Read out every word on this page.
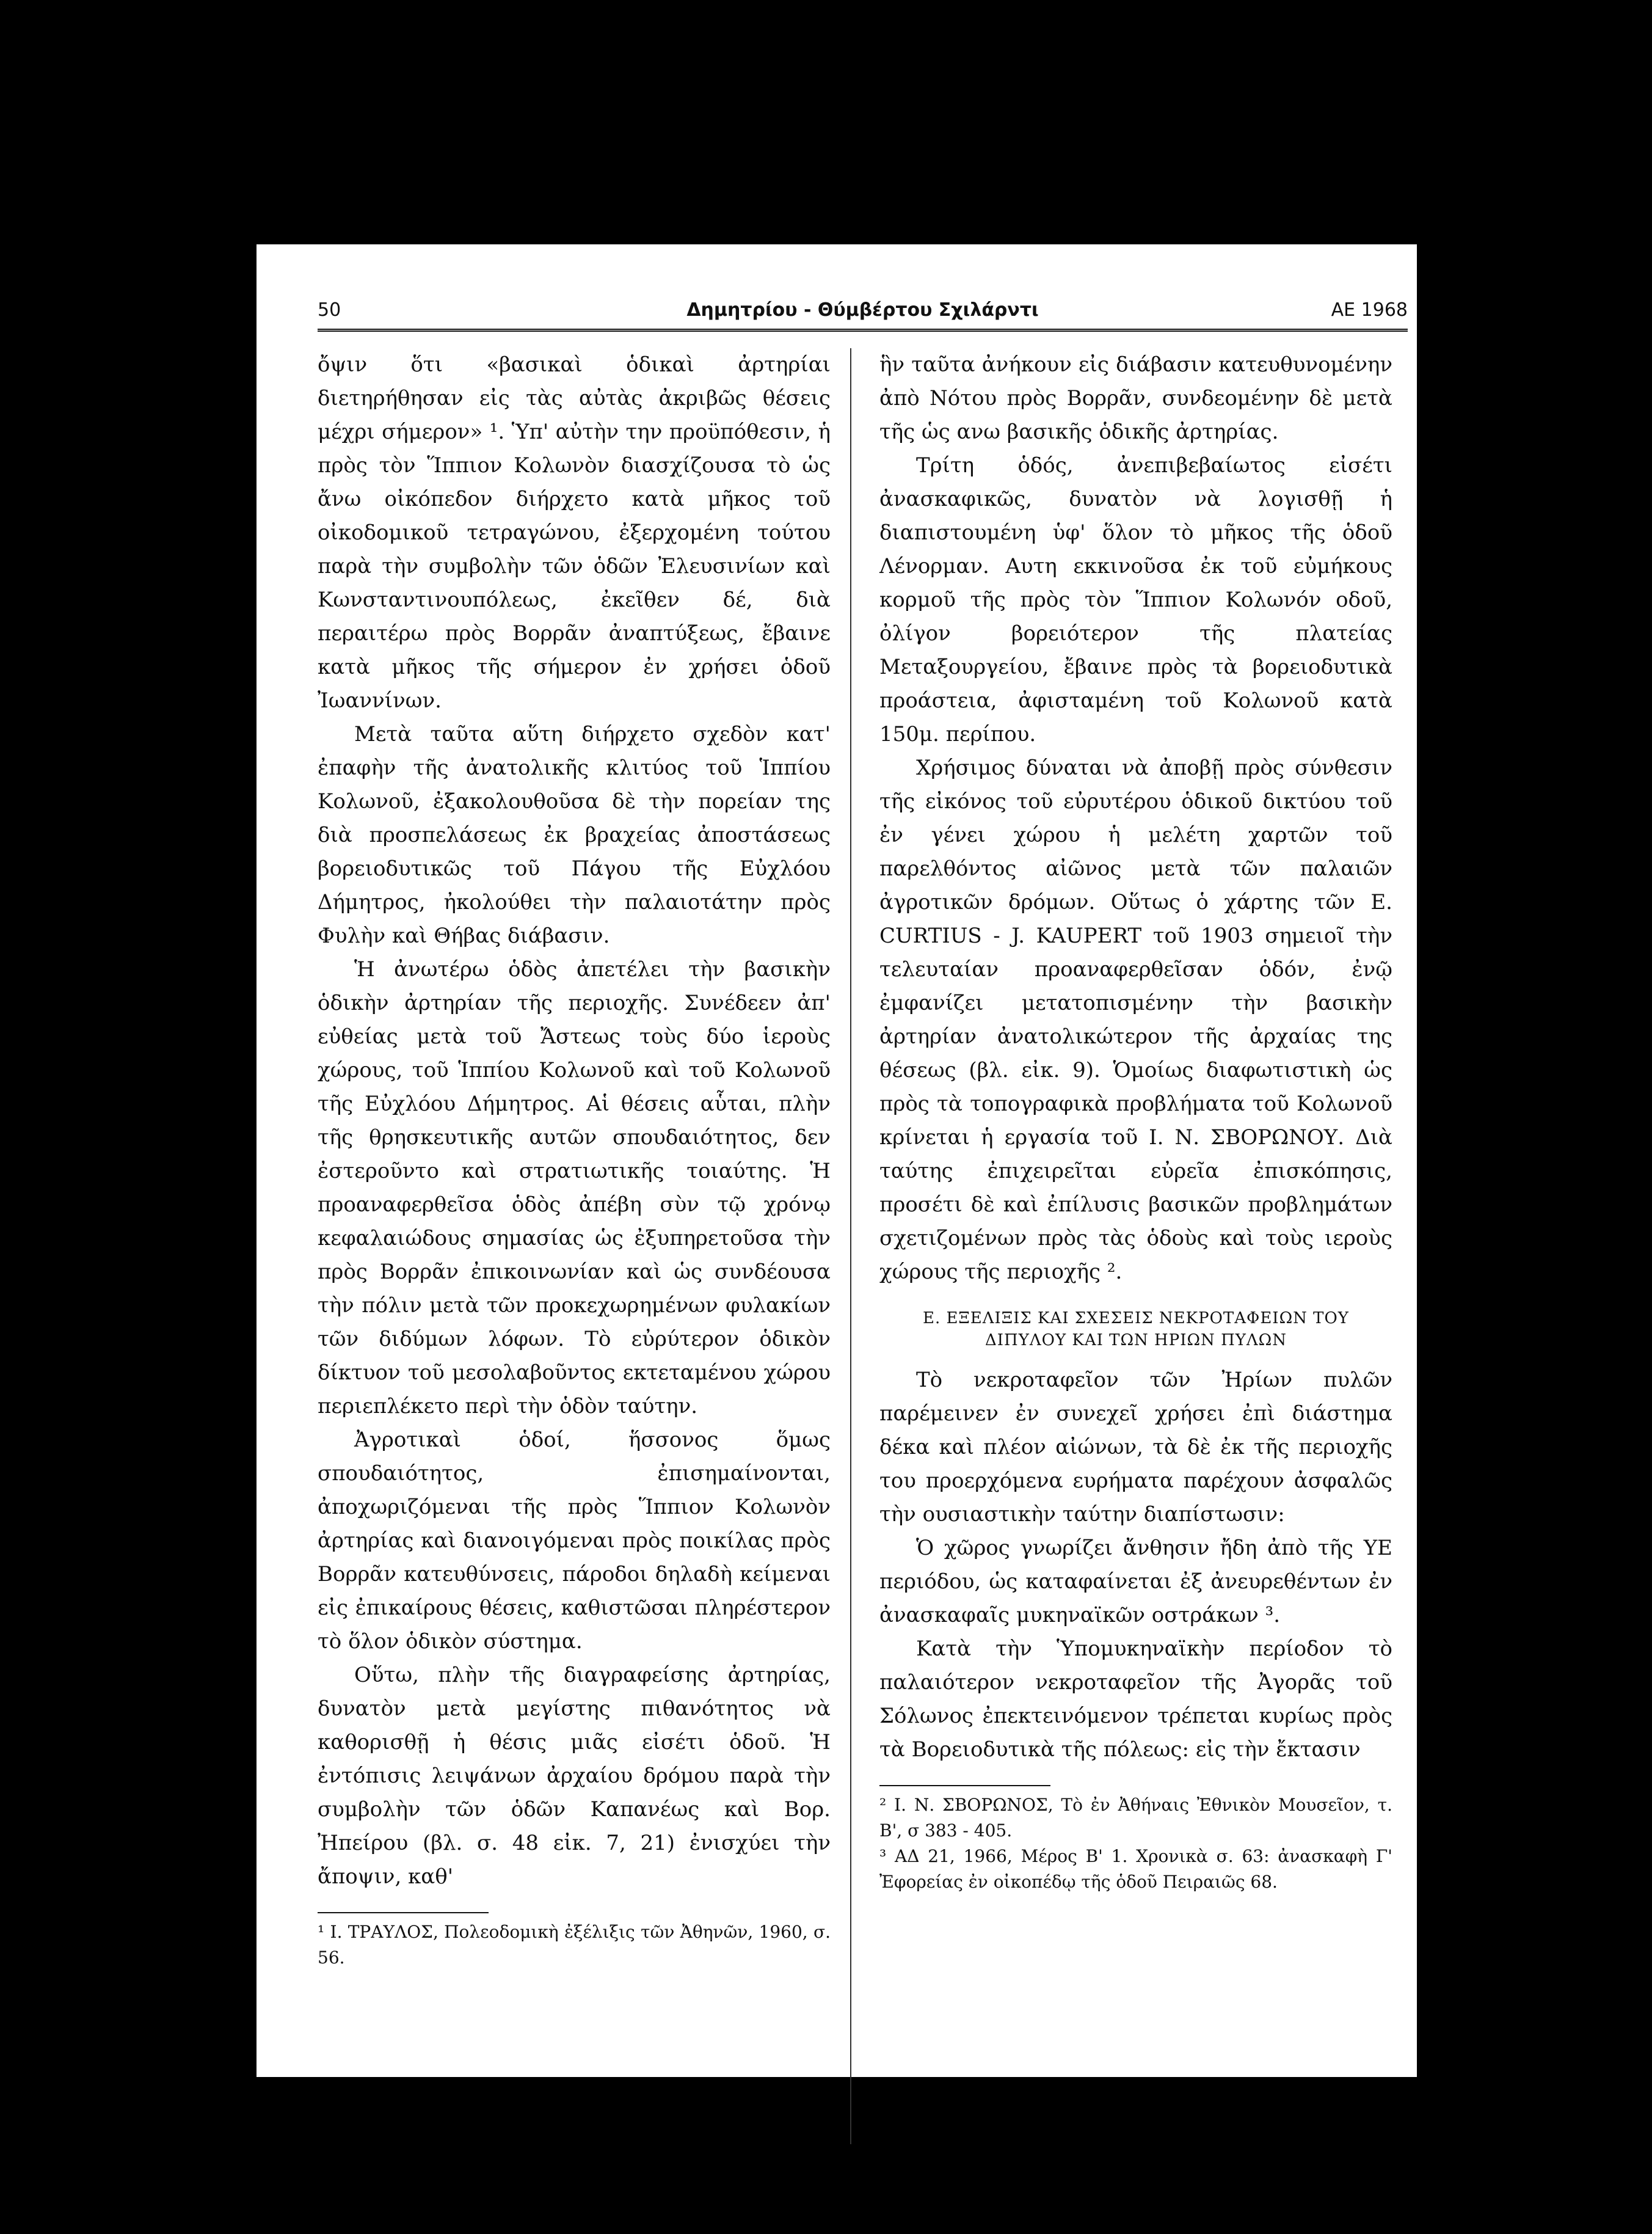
50	Δημητρίου - Θύμβέρτου Σχιλάρντι	ΑΕ 1968

ὄψιν ὅτι «βασικαὶ ὁδικαὶ ἀρτηρίαι διετηρήθησαν εἰς τὰς αὐτὰς ἀκριβῶς θέσεις μέχρι σήμερον» ¹. Ὑπ' αὐτὴν την προϋπόθεσιν, ἡ πρὸς τὸν Ἵππιον Κολωνὸν διασχίζουσα τὸ ὡς ἄνω οἰκόπεδον διήρχετο κατὰ μῆκος τοῦ οἰκοδομικοῦ τετραγώνου, ἐξερχομένη τούτου παρὰ τὴν συμβολὴν τῶν ὁδῶν Ἐλευσινίων καὶ Κωνσταντινουπόλεως, ἐκεῖθεν δέ, διὰ περαιτέρω πρὸς Βορρᾶν ἀναπτύξεως, ἔβαινε κατὰ μῆκος τῆς σήμερον ἐν χρήσει ὁδοῦ Ἰωαννίνων.

Μετὰ ταῦτα αὕτη διήρχετο σχεδὸν κατ' ἐπαφὴν τῆς ἀνατολικῆς κλιτύος τοῦ Ἱππίου Κολωνοῦ, ἐξακολουθοῦσα δὲ τὴν πορείαν της διὰ προσπελάσεως ἐκ βραχείας ἀποστάσεως βορειοδυτικῶς τοῦ Πάγου τῆς Εὐχλόου Δήμητρος, ἠκολούθει τὴν παλαιοτάτην πρὸς Φυλὴν καὶ Θήβας διάβασιν.

Ἡ ἀνωτέρω ὁδὸς ἀπετέλει τὴν βασικὴν ὁδικὴν ἀρτηρίαν τῆς περιοχῆς. Συνέδεεν ἀπ' εὐθείας μετὰ τοῦ Ἄστεως τοὺς δύο ἱεροὺς χώρους, τοῦ Ἱππίου Κολωνοῦ καὶ τοῦ Κολωνοῦ τῆς Εὐχλόου Δήμητρος. Αἱ θέσεις αὗται, πλὴν τῆς θρησκευτικῆς αυτῶν σπουδαιότητος, δεν ἐστεροῦντο καὶ στρατιωτικῆς τοιαύτης. Ἡ προαναφερθεῖσα ὁδὸς ἀπέβη σὺν τῷ χρόνῳ κεφαλαιώδους σημασίας ὡς ἐξυπηρετοῦσα τὴν πρὸς Βορρᾶν ἐπικοινωνίαν καὶ ὡς συνδέουσα τὴν πόλιν μετὰ τῶν προκεχωρημένων φυλακίων τῶν διδύμων λόφων. Τὸ εὐρύτερον ὁδικὸν δίκτυον τοῦ μεσολαβοῦντος εκτεταμένου χώρου περιεπλέκετο περὶ τὴν ὁδὸν ταύτην.

Ἀγροτικαὶ ὁδοί, ἥσσονος ὅμως σπουδαιότητος, ἐπισημαίνονται, ἀποχωριζόμεναι τῆς πρὸς Ἵππιον Κολωνὸν ἀρτηρίας καὶ διανοιγόμεναι πρὸς ποικίλας πρὸς Βορρᾶν κατευθύνσεις, πάροδοι δηλαδὴ κείμεναι εἰς ἐπικαίρους θέσεις, καθιστῶσαι πληρέστερον τὸ ὅλον ὁδικὸν σύστημα.

Οὕτω, πλὴν τῆς διαγραφείσης ἀρτηρίας, δυνατὸν μετὰ μεγίστης πιθανότητος νὰ καθορισθῇ ἡ θέσις μιᾶς εἰσέτι ὁδοῦ. Ἡ ἐντόπισις λειψάνων ἀρχαίου δρόμου παρὰ τὴν συμβολὴν τῶν ὁδῶν Καπανέως καὶ Βορ. Ἠπείρου (βλ. σ. 48 εἰκ. 7, 21) ἐνισχύει τὴν ἄποψιν, καθ'

¹ Ι. ΤΡΑΥΛΟΣ, Πολεοδομικὴ ἐξέλιξις τῶν Ἀθηνῶν, 1960, σ. 56.

ἣν ταῦτα ἀνήκουν εἰς διάβασιν κατευθυνομένην ἀπὸ Νότου πρὸς Βορρᾶν, συνδεομένην δὲ μετὰ τῆς ὡς ανω βασικῆς ὁδικῆς ἀρτηρίας.

Τρίτη ὁδός, ἀνεπιβεβαίωτος εἰσέτι ἀνασκαφικῶς, δυνατὸν νὰ λογισθῇ ἡ διαπιστουμένη ὑφ' ὅλον τὸ μῆκος τῆς ὁδοῦ Λένορμαν. Αυτη εκκινοῦσα ἐκ τοῦ εὐμήκους κορμοῦ τῆς πρὸς τὸν Ἵππιον Κολωνόν οδοῦ, ὀλίγον βορειότερον τῆς πλατείας Μεταξουργείου, ἔβαινε πρὸς τὰ βορειοδυτικὰ προάστεια, ἀφισταμένη τοῦ Κολωνοῦ κατὰ 150μ. περίπου.

Χρήσιμος δύναται νὰ ἀποβῇ πρὸς σύνθεσιν τῆς εἰκόνος τοῦ εὐρυτέρου ὁδικοῦ δικτύου τοῦ ἐν γένει χώρου ἡ μελέτη χαρτῶν τοῦ παρελθόντος αἰῶνος μετὰ τῶν παλαιῶν ἀγροτικῶν δρόμων. Οὕτως ὁ χάρτης τῶν E. CURTIUS - J. KAUPERT τοῦ 1903 σημειοῖ τὴν τελευταίαν προαναφερθεῖσαν ὁδόν, ἐνῷ ἐμφανίζει μετατοπισμένην τὴν βασικὴν ἀρτηρίαν ἀνατολικώτερον τῆς ἀρχαίας της θέσεως (βλ. εἰκ. 9). Ὁμοίως διαφωτιστικὴ ὡς πρὸς τὰ τοπογραφικὰ προβλήματα τοῦ Κολωνοῦ κρίνεται ἡ εργασία τοῦ Ι. Ν. ΣΒΟΡΩΝΟΥ. Διὰ ταύτης ἐπιχειρεῖται εὐρεῖα ἐπισκόπησις, προσέτι δὲ καὶ ἐπίλυσις βασικῶν προβλημάτων σχετιζομένων πρὸς τὰς ὁδοὺς καὶ τοὺς ιεροὺς χώρους τῆς περιοχῆς ².

Ε. ΕΞΕΛΙΞΙΣ ΚΑΙ ΣΧΕΣΕΙΣ ΝΕΚΡΟΤΑΦΕΙΩΝ ΤΟΥ ΔΙΠΥΛΟΥ ΚΑΙ ΤΩΝ ΗΡΙΩΝ ΠΥΛΩΝ

Τὸ νεκροταφεῖον τῶν Ἠρίων πυλῶν παρέμεινεν ἐν συνεχεῖ χρήσει ἐπὶ διάστημα δέκα καὶ πλέον αἰώνων, τὰ δὲ ἐκ τῆς περιοχῆς του προερχόμενα ευρήματα παρέχουν ἀσφαλῶς τὴν ουσιαστικὴν ταύτην διαπίστωσιν:

Ὁ χῶρος γνωρίζει ἄνθησιν ἤδη ἀπὸ τῆς ΥΕ περιόδου, ὡς καταφαίνεται ἐξ ἀνευρεθέντων ἐν ἀνασκαφαῖς μυκηναϊκῶν οστράκων ³.

Κατὰ τὴν Ὑπομυκηναϊκὴν περίοδον τὸ παλαιότερον νεκροταφεῖον τῆς Ἀγορᾶς τοῦ Σόλωνος ἐπεκτεινόμενον τρέπεται κυρίως πρὸς τὰ Βορειοδυτικὰ τῆς πόλεως: εἰς τὴν ἔκτασιν

² Ι. Ν. ΣΒΟΡΩΝΟΣ, Τὸ ἐν Ἀθήναις Ἐθνικὸν Μουσεῖον, τ. Β', σ 383 - 405.

³ ΑΔ 21, 1966, Μέρος Β' 1. Χρονικὰ σ. 63: ἀνασκαφὴ Γ' Ἐφορείας ἐν οἰκοπέδῳ τῆς ὁδοῦ Πειραιῶς 68.
